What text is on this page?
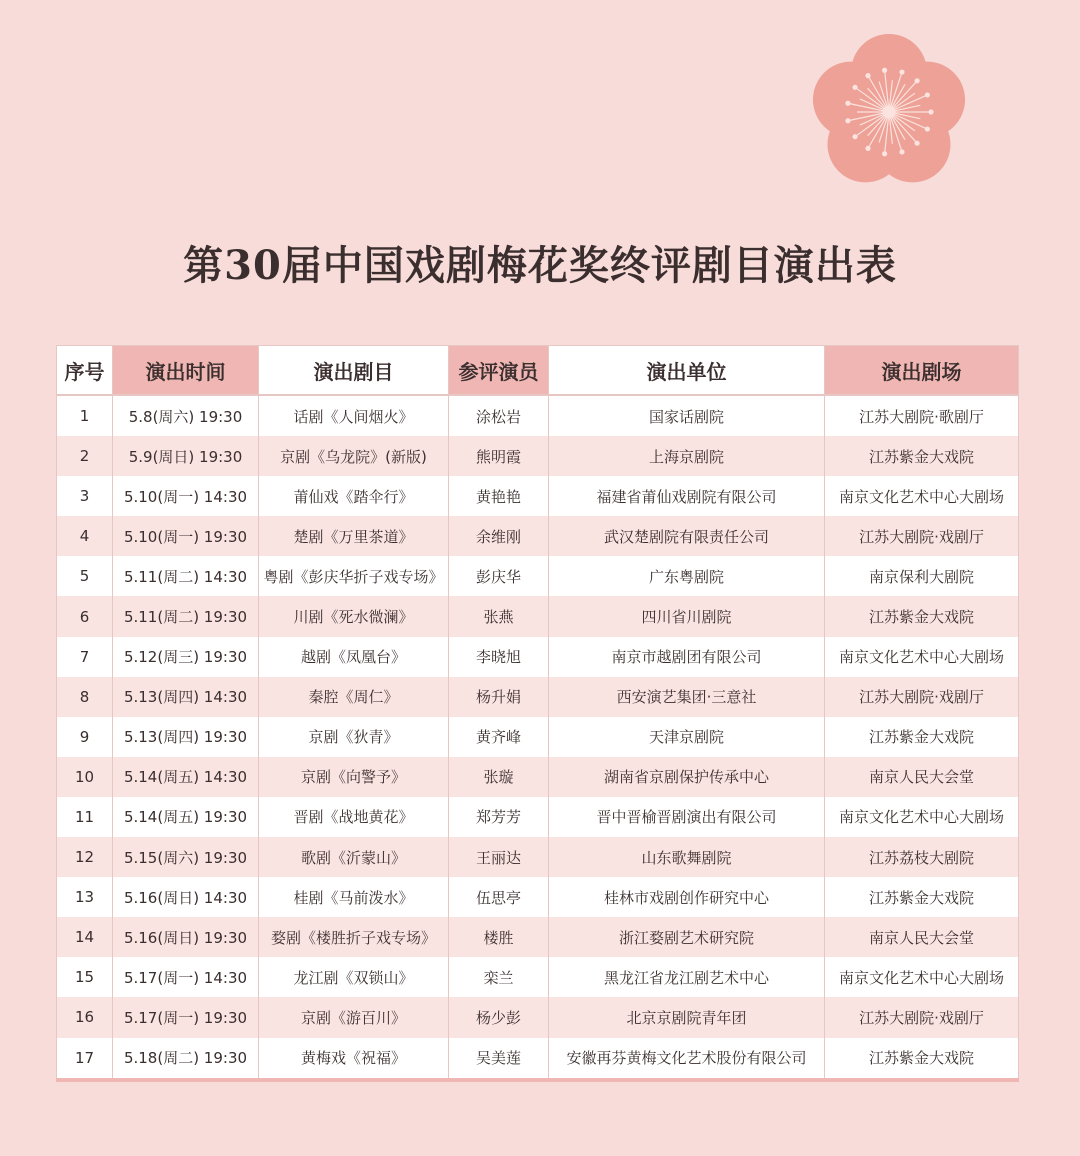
第30届中国戏剧梅花奖终评剧目演出表
序号	演出时间	演出剧目	参评演员	演出单位	演出剧场
1	5.8(周六) 19:30	话剧《人间烟火》	涂松岩	国家话剧院	江苏大剧院·歌剧厅
2	5.9(周日) 19:30	京剧《乌龙院》(新版)	熊明霞	上海京剧院	江苏紫金大戏院
3	5.10(周一) 14:30	莆仙戏《踏伞行》	黄艳艳	福建省莆仙戏剧院有限公司	南京文化艺术中心大剧场
4	5.10(周一) 19:30	楚剧《万里茶道》	余维刚	武汉楚剧院有限责任公司	江苏大剧院·戏剧厅
5	5.11(周二) 14:30	粤剧《彭庆华折子戏专场》	彭庆华	广东粤剧院	南京保利大剧院
6	5.11(周二) 19:30	川剧《死水微澜》	张燕	四川省川剧院	江苏紫金大戏院
7	5.12(周三) 19:30	越剧《凤凰台》	李晓旭	南京市越剧团有限公司	南京文化艺术中心大剧场
8	5.13(周四) 14:30	秦腔《周仁》	杨升娟	西安演艺集团·三意社	江苏大剧院·戏剧厅
9	5.13(周四) 19:30	京剧《狄青》	黄齐峰	天津京剧院	江苏紫金大戏院
10	5.14(周五) 14:30	京剧《向警予》	张璇	湖南省京剧保护传承中心	南京人民大会堂
11	5.14(周五) 19:30	晋剧《战地黄花》	郑芳芳	晋中晋榆晋剧演出有限公司	南京文化艺术中心大剧场
12	5.15(周六) 19:30	歌剧《沂蒙山》	王丽达	山东歌舞剧院	江苏荔枝大剧院
13	5.16(周日) 14:30	桂剧《马前泼水》	伍思亭	桂林市戏剧创作研究中心	江苏紫金大戏院
14	5.16(周日) 19:30	婺剧《楼胜折子戏专场》	楼胜	浙江婺剧艺术研究院	南京人民大会堂
15	5.17(周一) 14:30	龙江剧《双锁山》	栾兰	黑龙江省龙江剧艺术中心	南京文化艺术中心大剧场
16	5.17(周一) 19:30	京剧《游百川》	杨少彭	北京京剧院青年团	江苏大剧院·戏剧厅
17	5.18(周二) 19:30	黄梅戏《祝福》	吴美莲	安徽再芬黄梅文化艺术股份有限公司	江苏紫金大戏院
